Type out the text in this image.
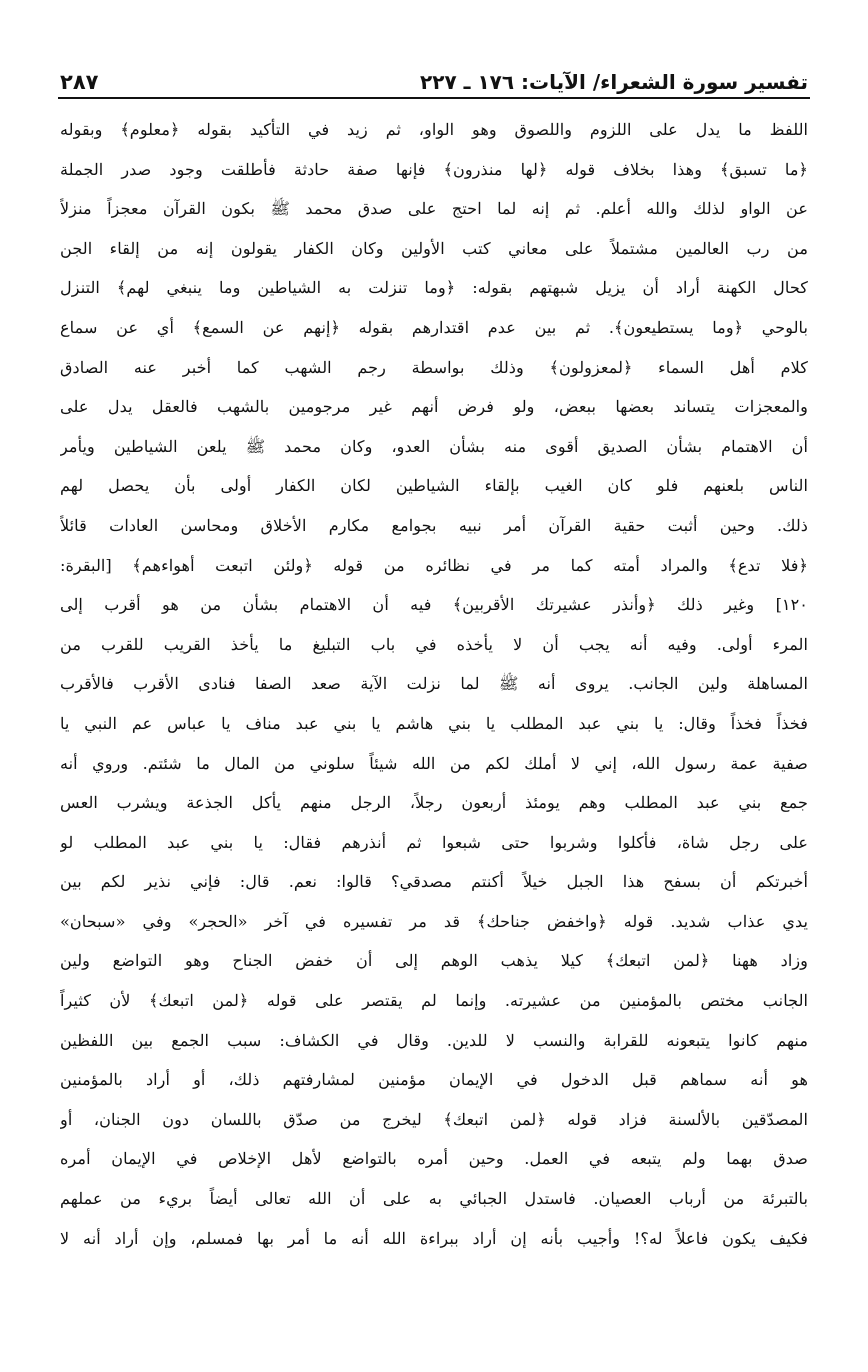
تفسير سورة الشعراء/ الآيات: ١٧٦ ـ ٢٢٧
٢٨٧
اللفظ ما يدل على اللزوم واللصوق وهو الواو، ثم زيد في التأكيد بقوله ﴿معلوم﴾ وبقوله
﴿ما تسبق﴾ وهذا بخلاف قوله ﴿لها منذرون﴾ فإنها صفة حادثة فأطلقت وجود صدر الجملة
عن الواو لذلك والله أعلم. ثم إنه لما احتج على صدق محمد ﷺ بكون القرآن معجزاً منزلاً
من رب العالمين مشتملاً على معاني كتب الأولين وكان الكفار يقولون إنه من إلقاء الجن
كحال الكهنة أراد أن يزيل شبهتهم بقوله: ﴿وما تنزلت به الشياطين وما ينبغي لهم﴾ التنزل
بالوحي ﴿وما يستطيعون﴾. ثم بين عدم اقتدارهم بقوله ﴿إنهم عن السمع﴾ أي عن سماع
كلام أهل السماء ﴿لمعزولون﴾ وذلك بواسطة رجم الشهب كما أخبر عنه الصادق
والمعجزات يتساند بعضها ببعض، ولو فرض أنهم غير مرجومين بالشهب فالعقل يدل على
أن الاهتمام بشأن الصديق أقوى منه بشأن العدو، وكان محمد ﷺ يلعن الشياطين ويأمر
الناس بلعنهم فلو كان الغيب بإلقاء الشياطين لكان الكفار أولى بأن يحصل لهم
ذلك. وحين أثبت حقية القرآن أمر نبيه بجوامع مكارم الأخلاق ومحاسن العادات قائلاً
﴿فلا تدع﴾ والمراد أمته كما مر في نظائره من قوله ﴿ولئن اتبعت أهواءهم﴾ [البقرة:
١٢٠] وغير ذلك ﴿وأنذر عشيرتك الأقربين﴾ فيه أن الاهتمام بشأن من هو أقرب إلى
المرء أولى. وفيه أنه يجب أن لا يأخذه في باب التبليغ ما يأخذ القريب للقرب من
المساهلة ولين الجانب. يروى أنه ﷺ لما نزلت الآية صعد الصفا فنادى الأقرب فالأقرب
فخذاً فخذاً وقال: يا بني عبد المطلب يا بني هاشم يا بني عبد مناف يا عباس عم النبي يا
صفية عمة رسول الله، إني لا أملك لكم من الله شيئاً سلوني من المال ما شئتم. وروي أنه
جمع بني عبد المطلب وهم يومئذ أربعون رجلاً، الرجل منهم يأكل الجذعة ويشرب العس
على رجل شاة، فأكلوا وشربوا حتى شبعوا ثم أنذرهم فقال: يا بني عبد المطلب لو
أخبرتكم أن بسفح هذا الجبل خيلاً أكنتم مصدقي؟ قالوا: نعم. قال: فإني نذير لكم بين
يدي عذاب شديد. قوله ﴿واخفض جناحك﴾ قد مر تفسيره في آخر «الحجر» وفي «سبحان»
وزاد ههنا ﴿لمن اتبعك﴾ كيلا يذهب الوهم إلى أن خفض الجناح وهو التواضع ولين
الجانب مختص بالمؤمنين من عشيرته. وإنما لم يقتصر على قوله ﴿لمن اتبعك﴾ لأن كثيراً
منهم كانوا يتبعونه للقرابة والنسب لا للدين. وقال في الكشاف: سبب الجمع بين اللفظين
هو أنه سماهم قبل الدخول في الإيمان مؤمنين لمشارفتهم ذلك، أو أراد بالمؤمنين
المصدّقين بالألسنة فزاد قوله ﴿لمن اتبعك﴾ ليخرج من صدّق باللسان دون الجنان، أو
صدق بهما ولم يتبعه في العمل. وحين أمره بالتواضع لأهل الإخلاص في الإيمان أمره
بالتبرئة من أرباب العصيان. فاستدل الجبائي به على أن الله تعالى أيضاً بريء من عملهم
فكيف يكون فاعلاً له؟! وأجيب بأنه إن أراد ببراءة الله أنه ما أمر بها فمسلم، وإن أراد أنه لا
